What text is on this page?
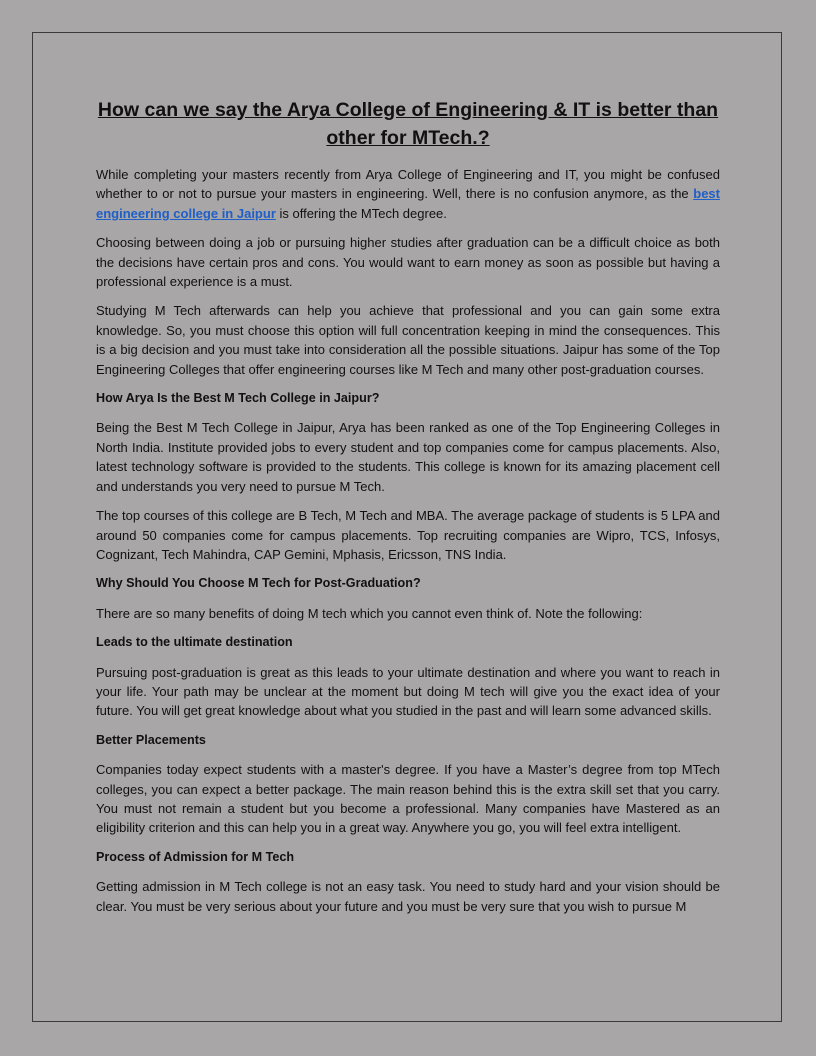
How can we say the Arya College of Engineering & IT is better than other for MTech.?

While completing your masters recently from Arya College of Engineering and IT, you might be confused whether to or not to pursue your masters in engineering. Well, there is no confusion anymore, as the best engineering college in Jaipur is offering the MTech degree.

Choosing between doing a job or pursuing higher studies after graduation can be a difficult choice as both the decisions have certain pros and cons. You would want to earn money as soon as possible but having a professional experience is a must.

Studying M Tech afterwards can help you achieve that professional and you can gain some extra knowledge. So, you must choose this option will full concentration keeping in mind the consequences. This is a big decision and you must take into consideration all the possible situations. Jaipur has some of the Top Engineering Colleges that offer engineering courses like M Tech and many other post-graduation courses.

How Arya Is the Best M Tech College in Jaipur?

Being the Best M Tech College in Jaipur, Arya has been ranked as one of the Top Engineering Colleges in North India. Institute provided jobs to every student and top companies come for campus placements. Also, latest technology software is provided to the students. This college is known for its amazing placement cell and understands you very need to pursue M Tech.

The top courses of this college are B Tech, M Tech and MBA. The average package of students is 5 LPA and around 50 companies come for campus placements. Top recruiting companies are Wipro, TCS, Infosys, Cognizant, Tech Mahindra, CAP Gemini, Mphasis, Ericsson, TNS India.

Why Should You Choose M Tech for Post-Graduation?

There are so many benefits of doing M tech which you cannot even think of. Note the following:

Leads to the ultimate destination

Pursuing post-graduation is great as this leads to your ultimate destination and where you want to reach in your life. Your path may be unclear at the moment but doing M tech will give you the exact idea of your future. You will get great knowledge about what you studied in the past and will learn some advanced skills.

Better Placements

Companies today expect students with a master's degree. If you have a Master’s degree from top MTech colleges, you can expect a better package. The main reason behind this is the extra skill set that you carry. You must not remain a student but you become a professional. Many companies have Mastered as an eligibility criterion and this can help you in a great way. Anywhere you go, you will feel extra intelligent.

Process of Admission for M Tech

Getting admission in M Tech college is not an easy task. You need to study hard and your vision should be clear. You must be very serious about your future and you must be very sure that you wish to pursue M
